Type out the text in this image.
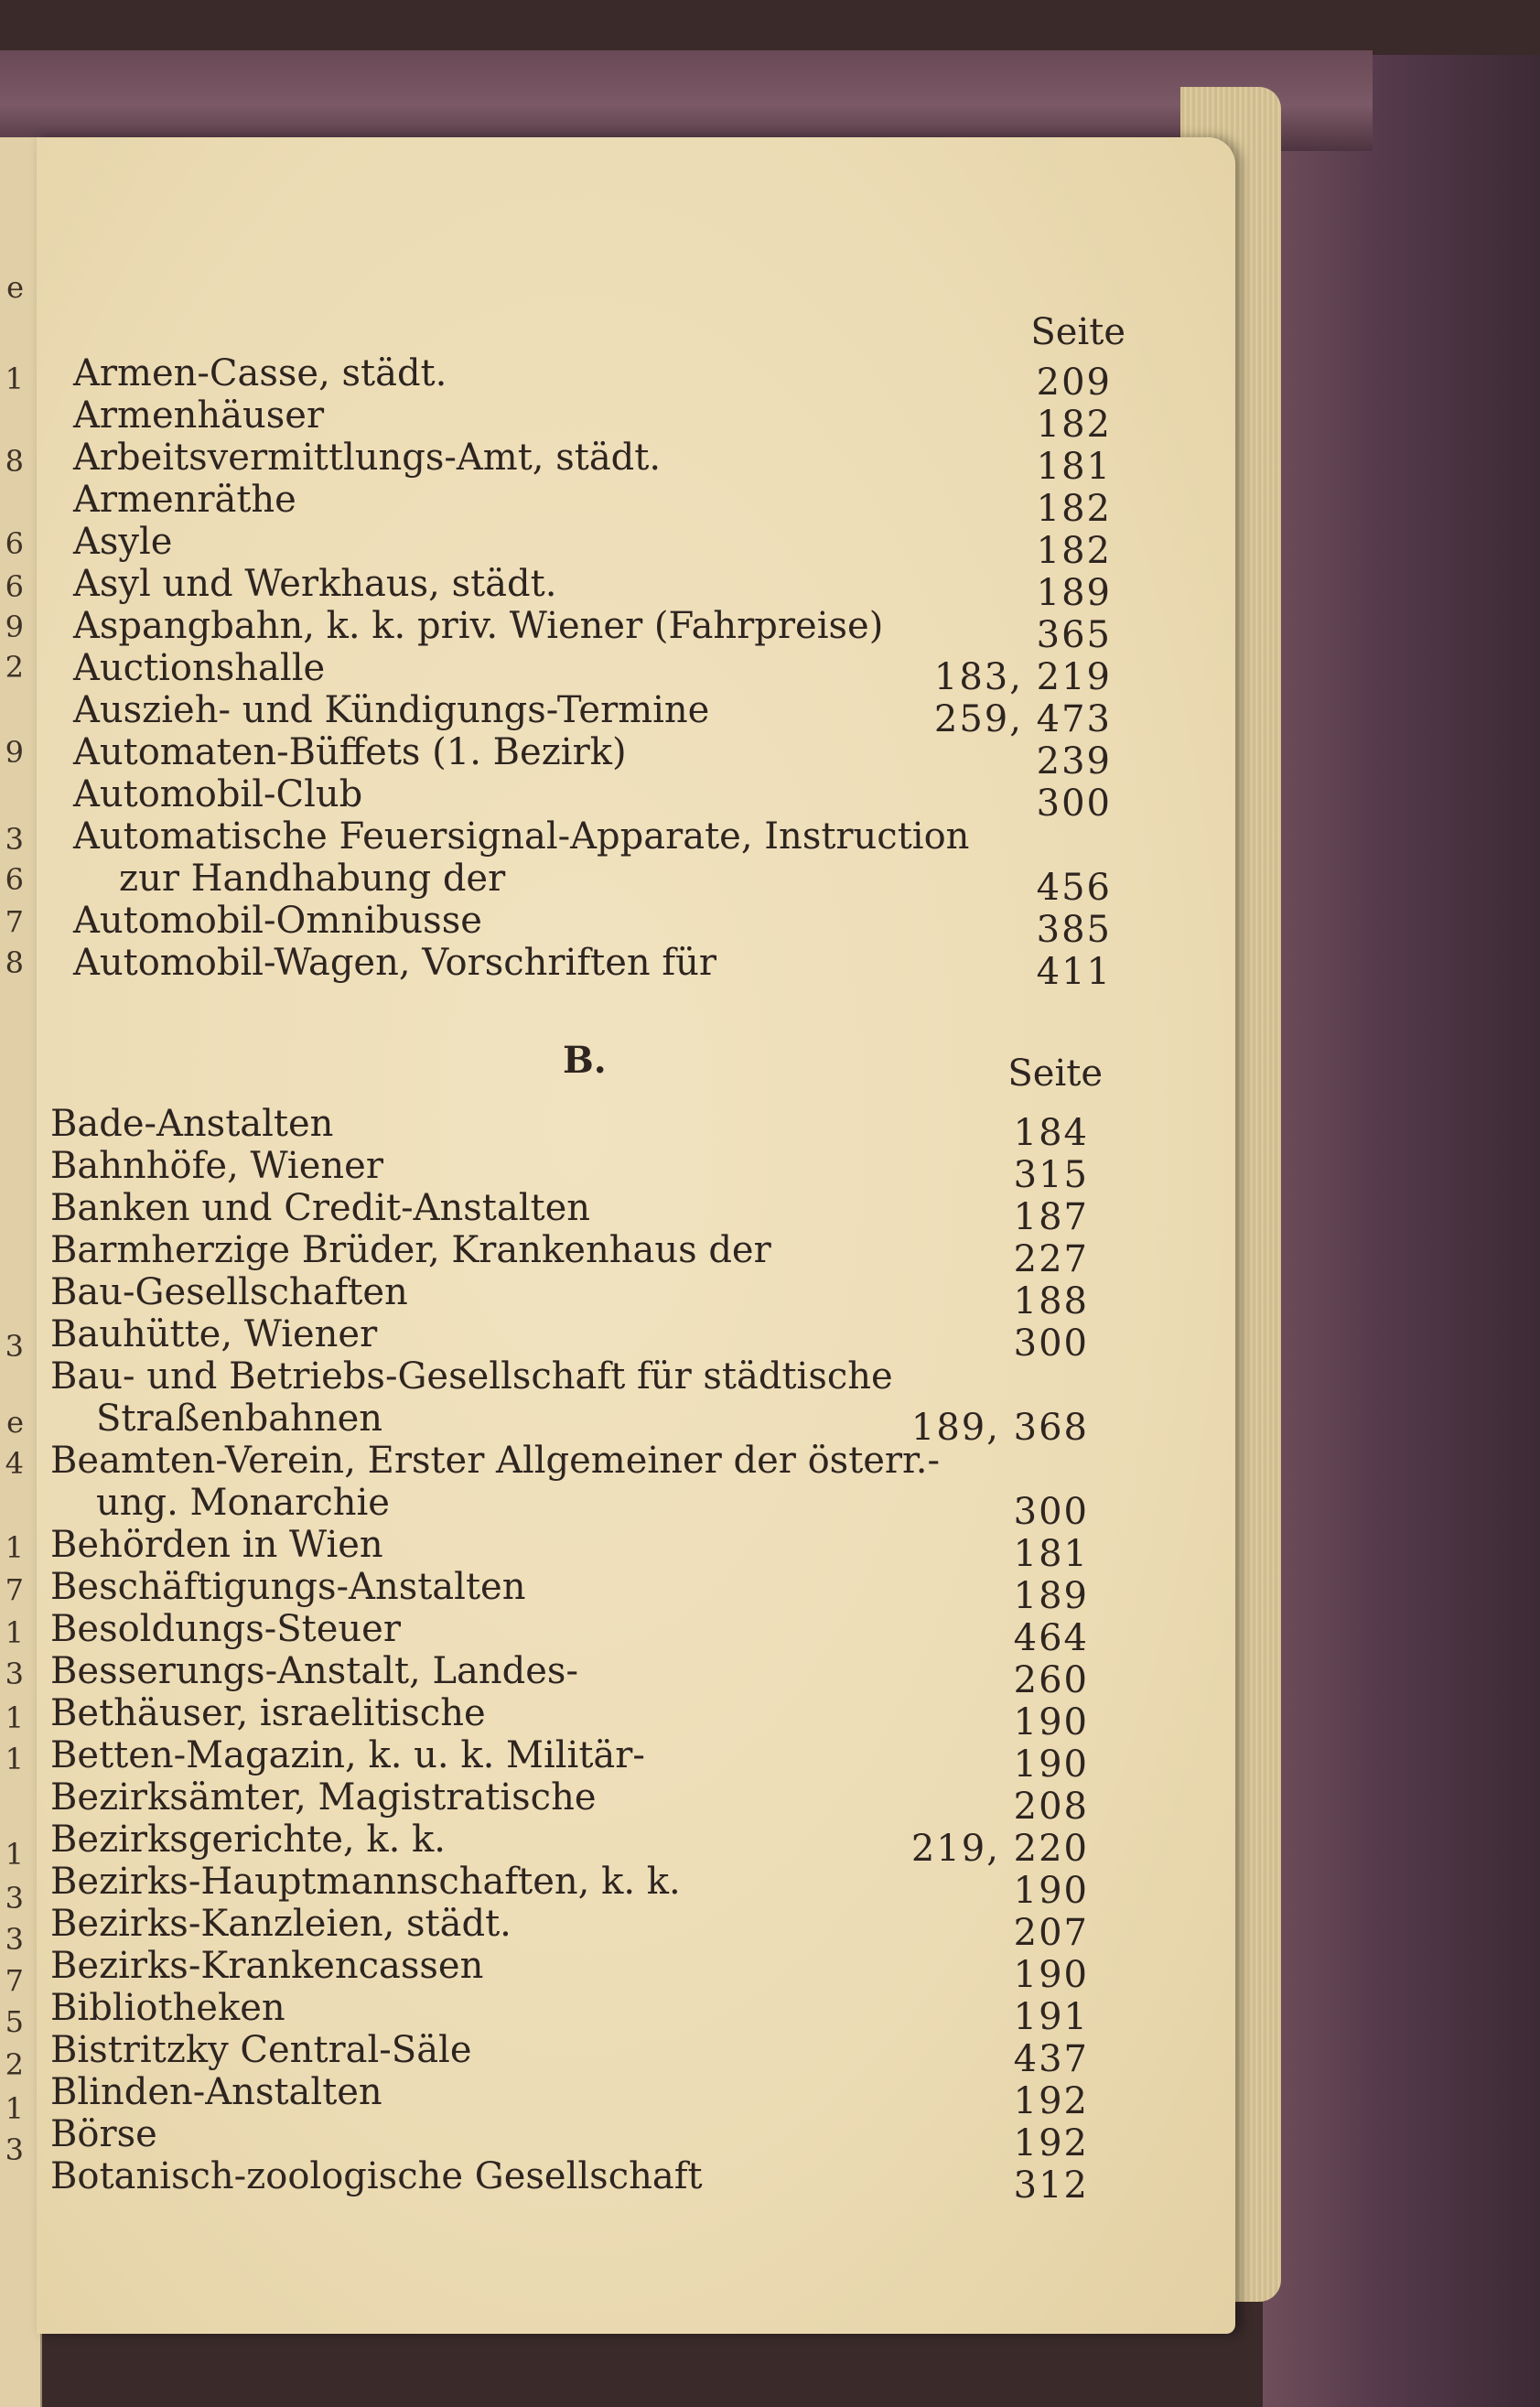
e
1
8
6
6
9
2
9
3
6
7
8
3
e
4
1
7
1
3
1
1
1
3
3
7
5
2
1
3
Seite
Armen-Casse, städt.	209
Armenhäuser	182
Arbeitsvermittlungs-Amt, städt.	181
Armenräthe	182
Asyle	182
Asyl und Werkhaus, städt.	189
Aspangbahn, k. k. priv. Wiener (Fahrpreise)	365
Auctionshalle	183, 219
Auszieh- und Kündigungs-Termine	259, 473
Automaten-Büffets (1. Bezirk)	239
Automobil-Club	300
Automatische Feuersignal-Apparate, Instruction
zur Handhabung der	456
Automobil-Omnibusse	385
Automobil-Wagen, Vorschriften für	411
B.	Seite
Bade-Anstalten	184
Bahnhöfe, Wiener	315
Banken und Credit-Anstalten	187
Barmherzige Brüder, Krankenhaus der	227
Bau-Gesellschaften	188
Bauhütte, Wiener	300
Bau- und Betriebs-Gesellschaft für städtische
Straßenbahnen	189, 368
Beamten-Verein, Erster Allgemeiner der österr.-
ung. Monarchie	300
Behörden in Wien	181
Beschäftigungs-Anstalten	189
Besoldungs-Steuer	464
Besserungs-Anstalt, Landes-	260
Bethäuser, israelitische	190
Betten-Magazin, k. u. k. Militär-	190
Bezirksämter, Magistratische	208
Bezirksgerichte, k. k.	219, 220
Bezirks-Hauptmannschaften, k. k.	190
Bezirks-Kanzleien, städt.	207
Bezirks-Krankencassen	190
Bibliotheken	191
Bistritzky Central-Säle	437
Blinden-Anstalten	192
Börse	192
Botanisch-zoologische Gesellschaft	312
